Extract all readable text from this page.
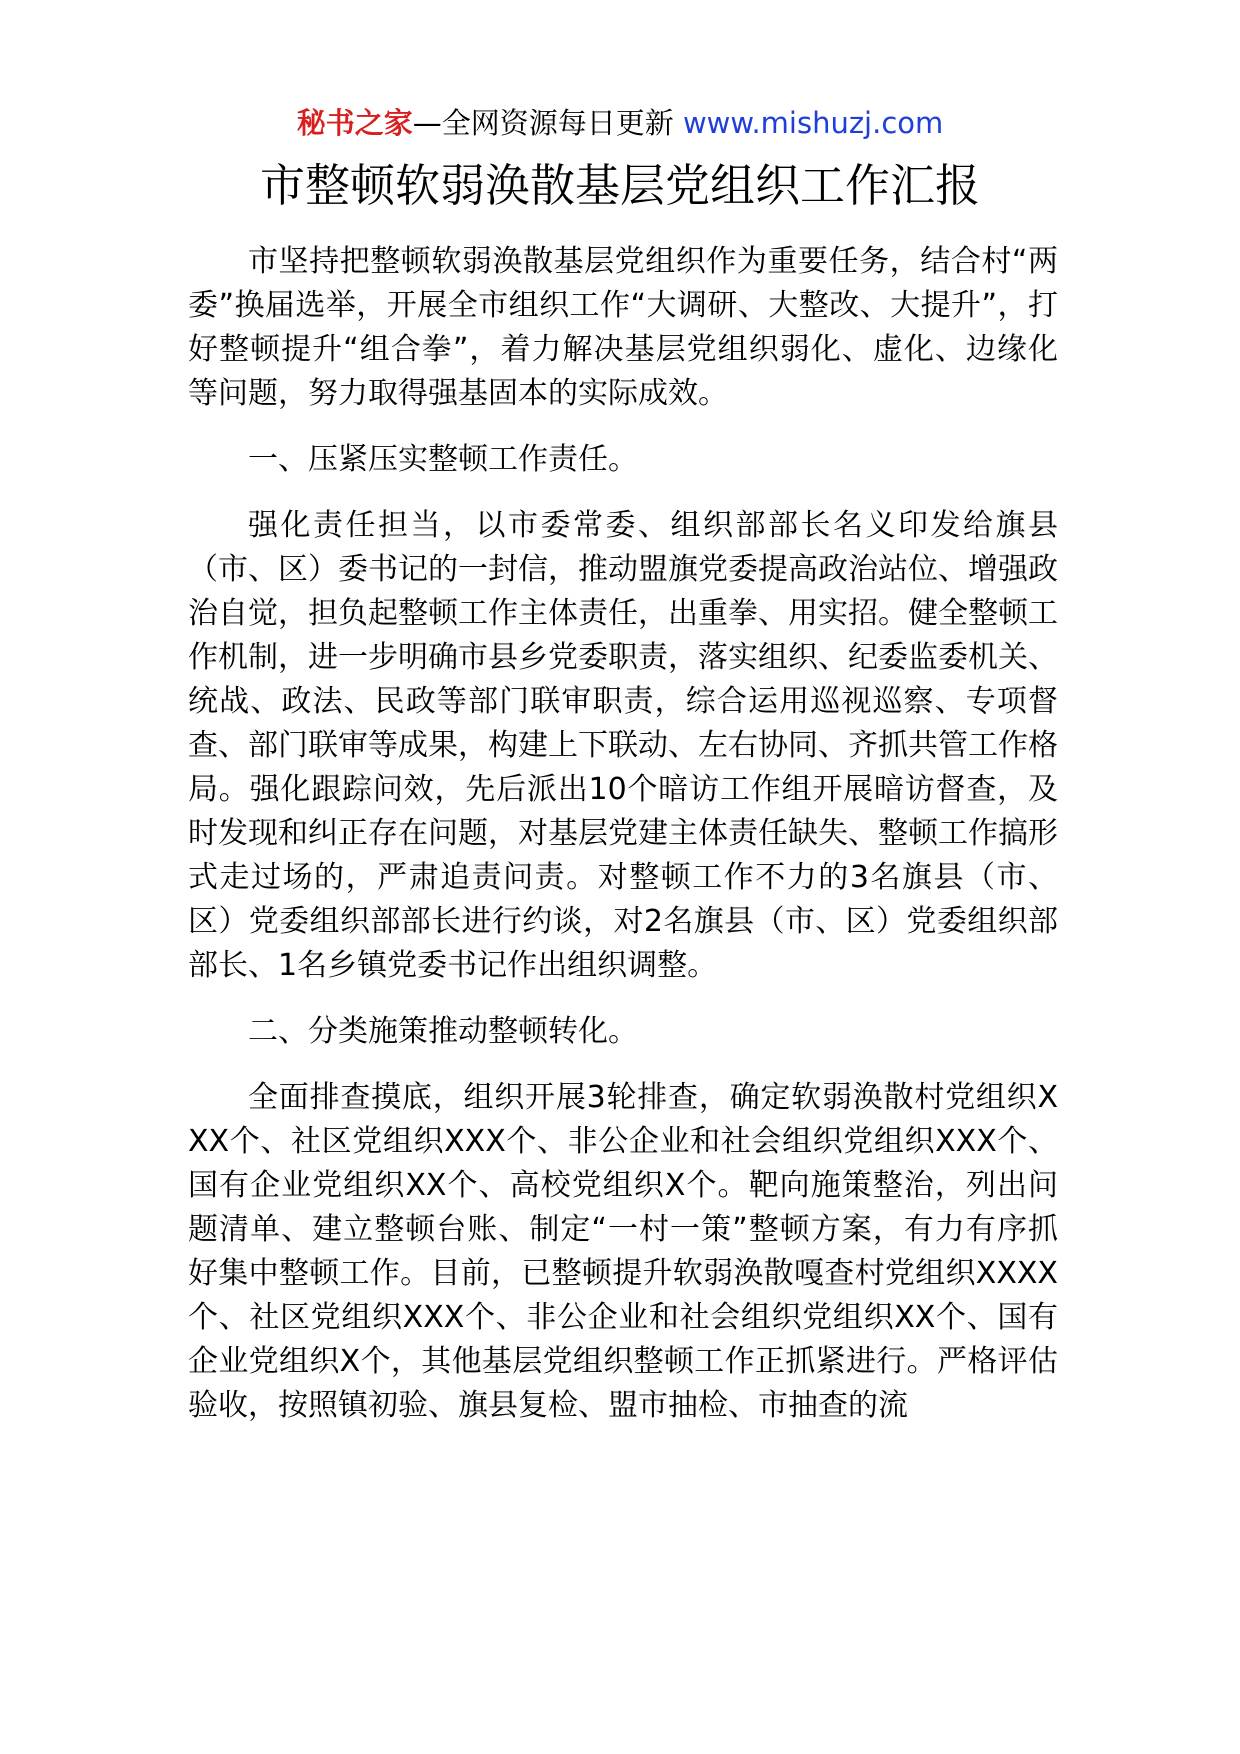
秘书之家—全网资源每日更新 www.mishuzj.com
市整顿软弱涣散基层党组织工作汇报

市坚持把整顿软弱涣散基层党组织作为重要任务，结合村“两委”换届选举，开展全市组织工作“大调研、大整改、大提升”，打好整顿提升“组合拳”，着力解决基层党组织弱化、虚化、边缘化等问题，努力取得强基固本的实际成效。

一、压紧压实整顿工作责任。

强化责任担当，以市委常委、组织部部长名义印发给旗县（市、区）委书记的一封信，推动盟旗党委提高政治站位、增强政治自觉，担负起整顿工作主体责任，出重拳、用实招。健全整顿工作机制，进一步明确市县乡党委职责，落实组织、纪委监委机关、统战、政法、民政等部门联审职责，综合运用巡视巡察、专项督查、部门联审等成果，构建上下联动、左右协同、齐抓共管工作格局。强化跟踪问效，先后派出10个暗访工作组开展暗访督查，及时发现和纠正存在问题，对基层党建主体责任缺失、整顿工作搞形式走过场的，严肃追责问责。对整顿工作不力的3名旗县（市、区）党委组织部部长进行约谈，对2名旗县（市、区）党委组织部部长、1名乡镇党委书记作出组织调整。

二、分类施策推动整顿转化。

全面排查摸底，组织开展3轮排查，确定软弱涣散村党组织XXX个、社区党组织XXX个、非公企业和社会组织党组织XXX个、国有企业党组织XX个、高校党组织X个。靶向施策整治，列出问题清单、建立整顿台账、制定“一村一策”整顿方案，有力有序抓好集中整顿工作。目前，已整顿提升软弱涣散嘎查村党组织XXXX个、社区党组织XXX个、非公企业和社会组织党组织XX个、国有企业党组织X个，其他基层党组织整顿工作正抓紧进行。严格评估验收，按照镇初验、旗县复检、盟市抽检、市抽查的流
